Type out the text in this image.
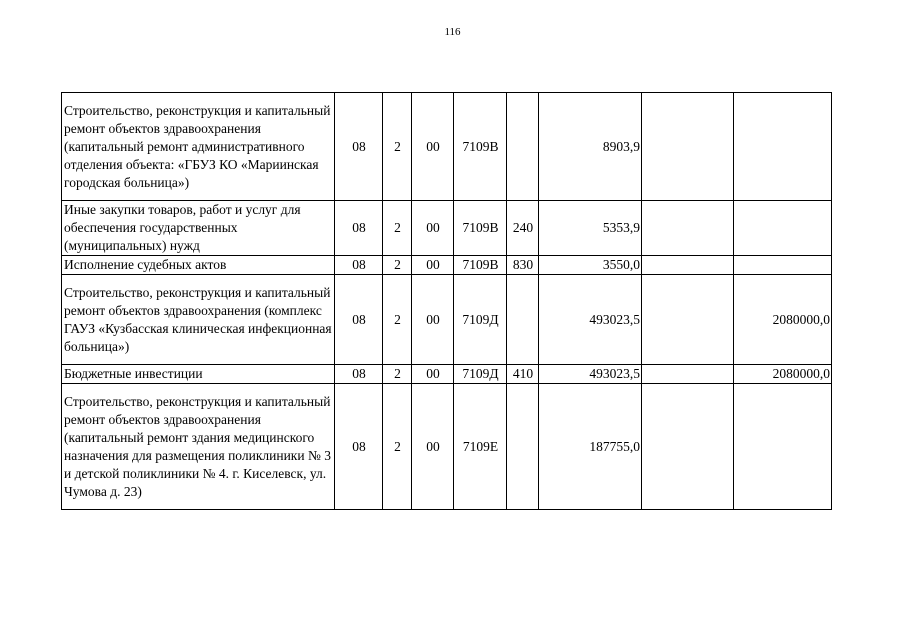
116
Строительство, реконструкция и капитальный ремонт объектов здравоохранения (капитальный ремонт административного отделения объекта: «ГБУЗ КО «Мариинская городская больница»)	08	2	00	7109В		8903,9		
Иные закупки товаров, работ и услуг для обеспечения государственных (муниципальных) нужд	08	2	00	7109В	240	5353,9		
Исполнение судебных актов	08	2	00	7109В	830	3550,0		
Строительство, реконструкция и капитальный ремонт объектов здравоохранения (комплекс ГАУЗ «Кузбасская клиническая инфекционная больница»)	08	2	00	7109Д		493023,5		2080000,0
Бюджетные инвестиции	08	2	00	7109Д	410	493023,5		2080000,0
Строительство, реконструкция и капитальный ремонт объектов здравоохранения (капитальный ремонт здания медицинского назначения для размещения поликлиники № 3 и детской поликлиники № 4. г. Киселевск, ул. Чумова д. 23)	08	2	00	7109Е		187755,0		
